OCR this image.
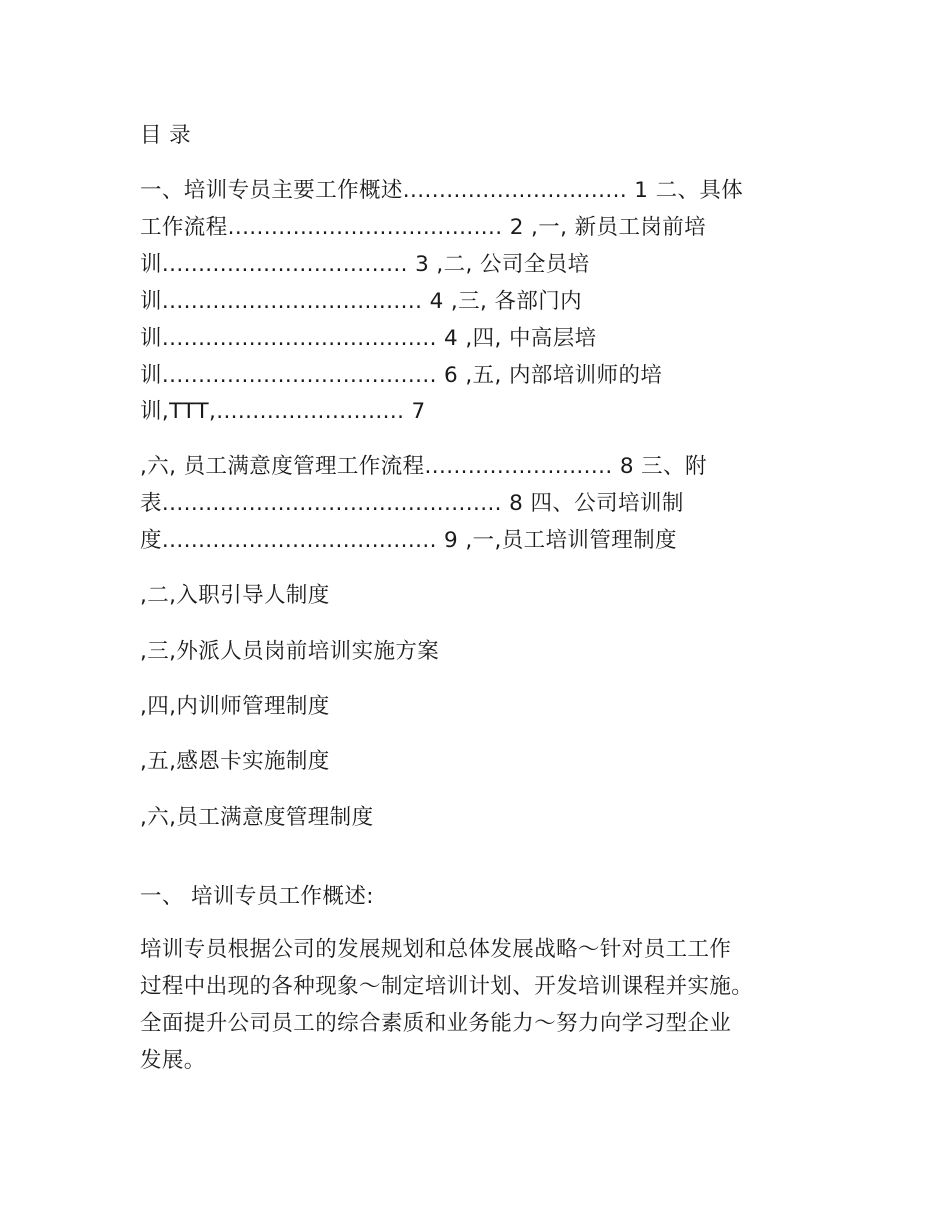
目 录
一、培训专员主要工作概述............................... 1 二、具体
工作流程...................................... 2 ,一, 新员工岗前培
训.................................. 3 ,二, 公司全员培
训.................................... 4 ,三, 各部门内
训...................................... 4 ,四, 中高层培
训...................................... 6 ,五, 内部培训师的培
训,TTT,.......................... 7
,六, 员工满意度管理工作流程.......................... 8 三、附
表............................................... 8 四、公司培训制
度...................................... 9 ,一,员工培训管理制度
,二,入职引导人制度
,三,外派人员岗前培训实施方案
,四,内训师管理制度
,五,感恩卡实施制度
,六,员工满意度管理制度
一、 培训专员工作概述:
培训专员根据公司的发展规划和总体发展战略～针对员工工作
过程中出现的各种现象～制定培训计划、开发培训课程并实施。
全面提升公司员工的综合素质和业务能力～努力向学习型企业
发展。
